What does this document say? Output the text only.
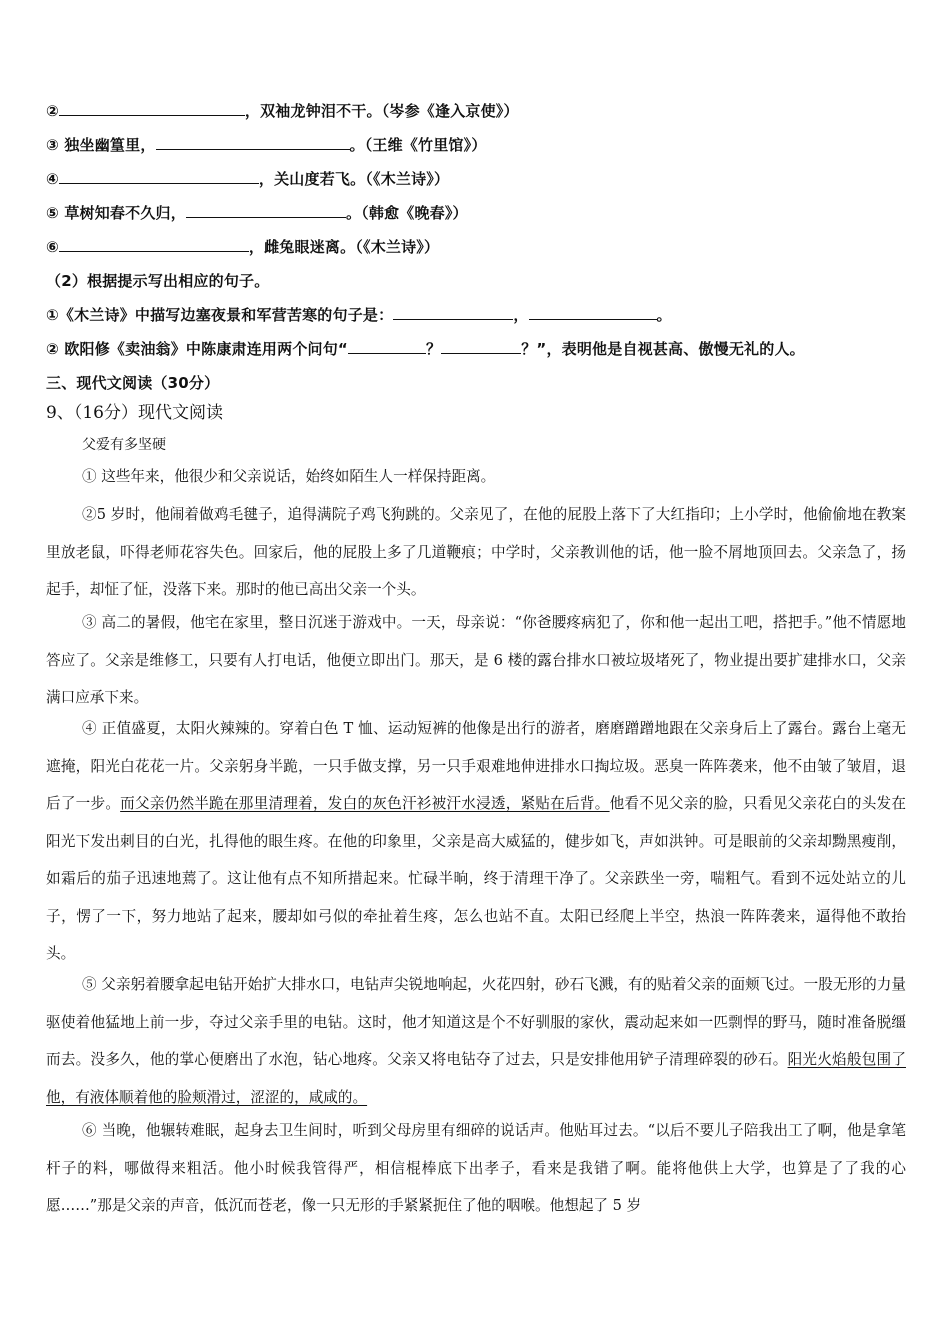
②	，双袖龙钟泪不干。（岑参《逢入京使》）
③ 独坐幽篁里，	。（王维《竹里馆》）
④	，关山度若飞。（《木兰诗》）
⑤ 草树知春不久归，	。（韩愈《晚春》）
⑥	，雌兔眼迷离。（《木兰诗》）
（2）根据提示写出相应的句子。
①《木兰诗》中描写边塞夜景和军营苦寒的句子是：	，	。
② 欧阳修《卖油翁》中陈康肃连用两个问句“	？	？”，表明他是自视甚高、傲慢无礼的人。
三、现代文阅读（30分）
9、（16分）现代文阅读
父爱有多坚硬

① 这些年来，他很少和父亲说话，始终如陌生人一样保持距离。

②5 岁时，他闹着做鸡毛毽子，追得满院子鸡飞狗跳的。父亲见了，在他的屁股上落下了大红指印；上小学时，他偷偷地在教案里放老鼠，吓得老师花容失色。回家后，他的屁股上多了几道鞭痕；中学时，父亲教训他的话，他一脸不屑地顶回去。父亲急了，扬起手，却怔了怔，没落下来。那时的他已高出父亲一个头。

③ 高二的暑假，他宅在家里，整日沉迷于游戏中。一天，母亲说：“你爸腰疼病犯了，你和他一起出工吧，搭把手。”他不情愿地答应了。父亲是维修工，只要有人打电话，他便立即出门。那天，是 6 楼的露台排水口被垃圾堵死了，物业提出要扩建排水口，父亲满口应承下来。

④ 正值盛夏，太阳火辣辣的。穿着白色 T 恤、运动短裤的他像是出行的游者，磨磨蹭蹭地跟在父亲身后上了露台。露台上毫无遮掩，阳光白花花一片。父亲躬身半跪，一只手做支撑，另一只手艰难地伸进排水口掏垃圾。恶臭一阵阵袭来，他不由皱了皱眉，退后了一步。而父亲仍然半跪在那里清理着，发白的灰色汗衫被汗水浸透，紧贴在后背。他看不见父亲的脸，只看见父亲花白的头发在阳光下发出刺目的白光，扎得他的眼生疼。在他的印象里，父亲是高大威猛的，健步如飞，声如洪钟。可是眼前的父亲却黝黑瘦削，如霜后的茄子迅速地蔫了。这让他有点不知所措起来。忙碌半晌，终于清理干净了。父亲跌坐一旁，喘粗气。看到不远处站立的儿子，愣了一下，努力地站了起来，腰却如弓似的牵扯着生疼，怎么也站不直。太阳已经爬上半空，热浪一阵阵袭来，逼得他不敢抬头。

⑤ 父亲躬着腰拿起电钻开始扩大排水口，电钻声尖锐地响起，火花四射，砂石飞溅，有的贴着父亲的面颊飞过。一股无形的力量驱使着他猛地上前一步，夺过父亲手里的电钻。这时，他才知道这是个不好驯服的家伙，震动起来如一匹剽悍的野马，随时准备脱缰而去。没多久，他的掌心便磨出了水泡，钻心地疼。父亲又将电钻夺了过去，只是安排他用铲子清理碎裂的砂石。阳光火焰般包围了他，有液体顺着他的脸颊滑过，涩涩的，咸咸的。

⑥ 当晚，他辗转难眠，起身去卫生间时，听到父母房里有细碎的说话声。他贴耳过去。“以后不要儿子陪我出工了啊，他是拿笔杆子的料，哪做得来粗活。他小时候我管得严，相信棍棒底下出孝子，看来是我错了啊。能将他供上大学，也算是了了我的心愿……”那是父亲的声音，低沉而苍老，像一只无形的手紧紧扼住了他的咽喉。他想起了 5 岁
